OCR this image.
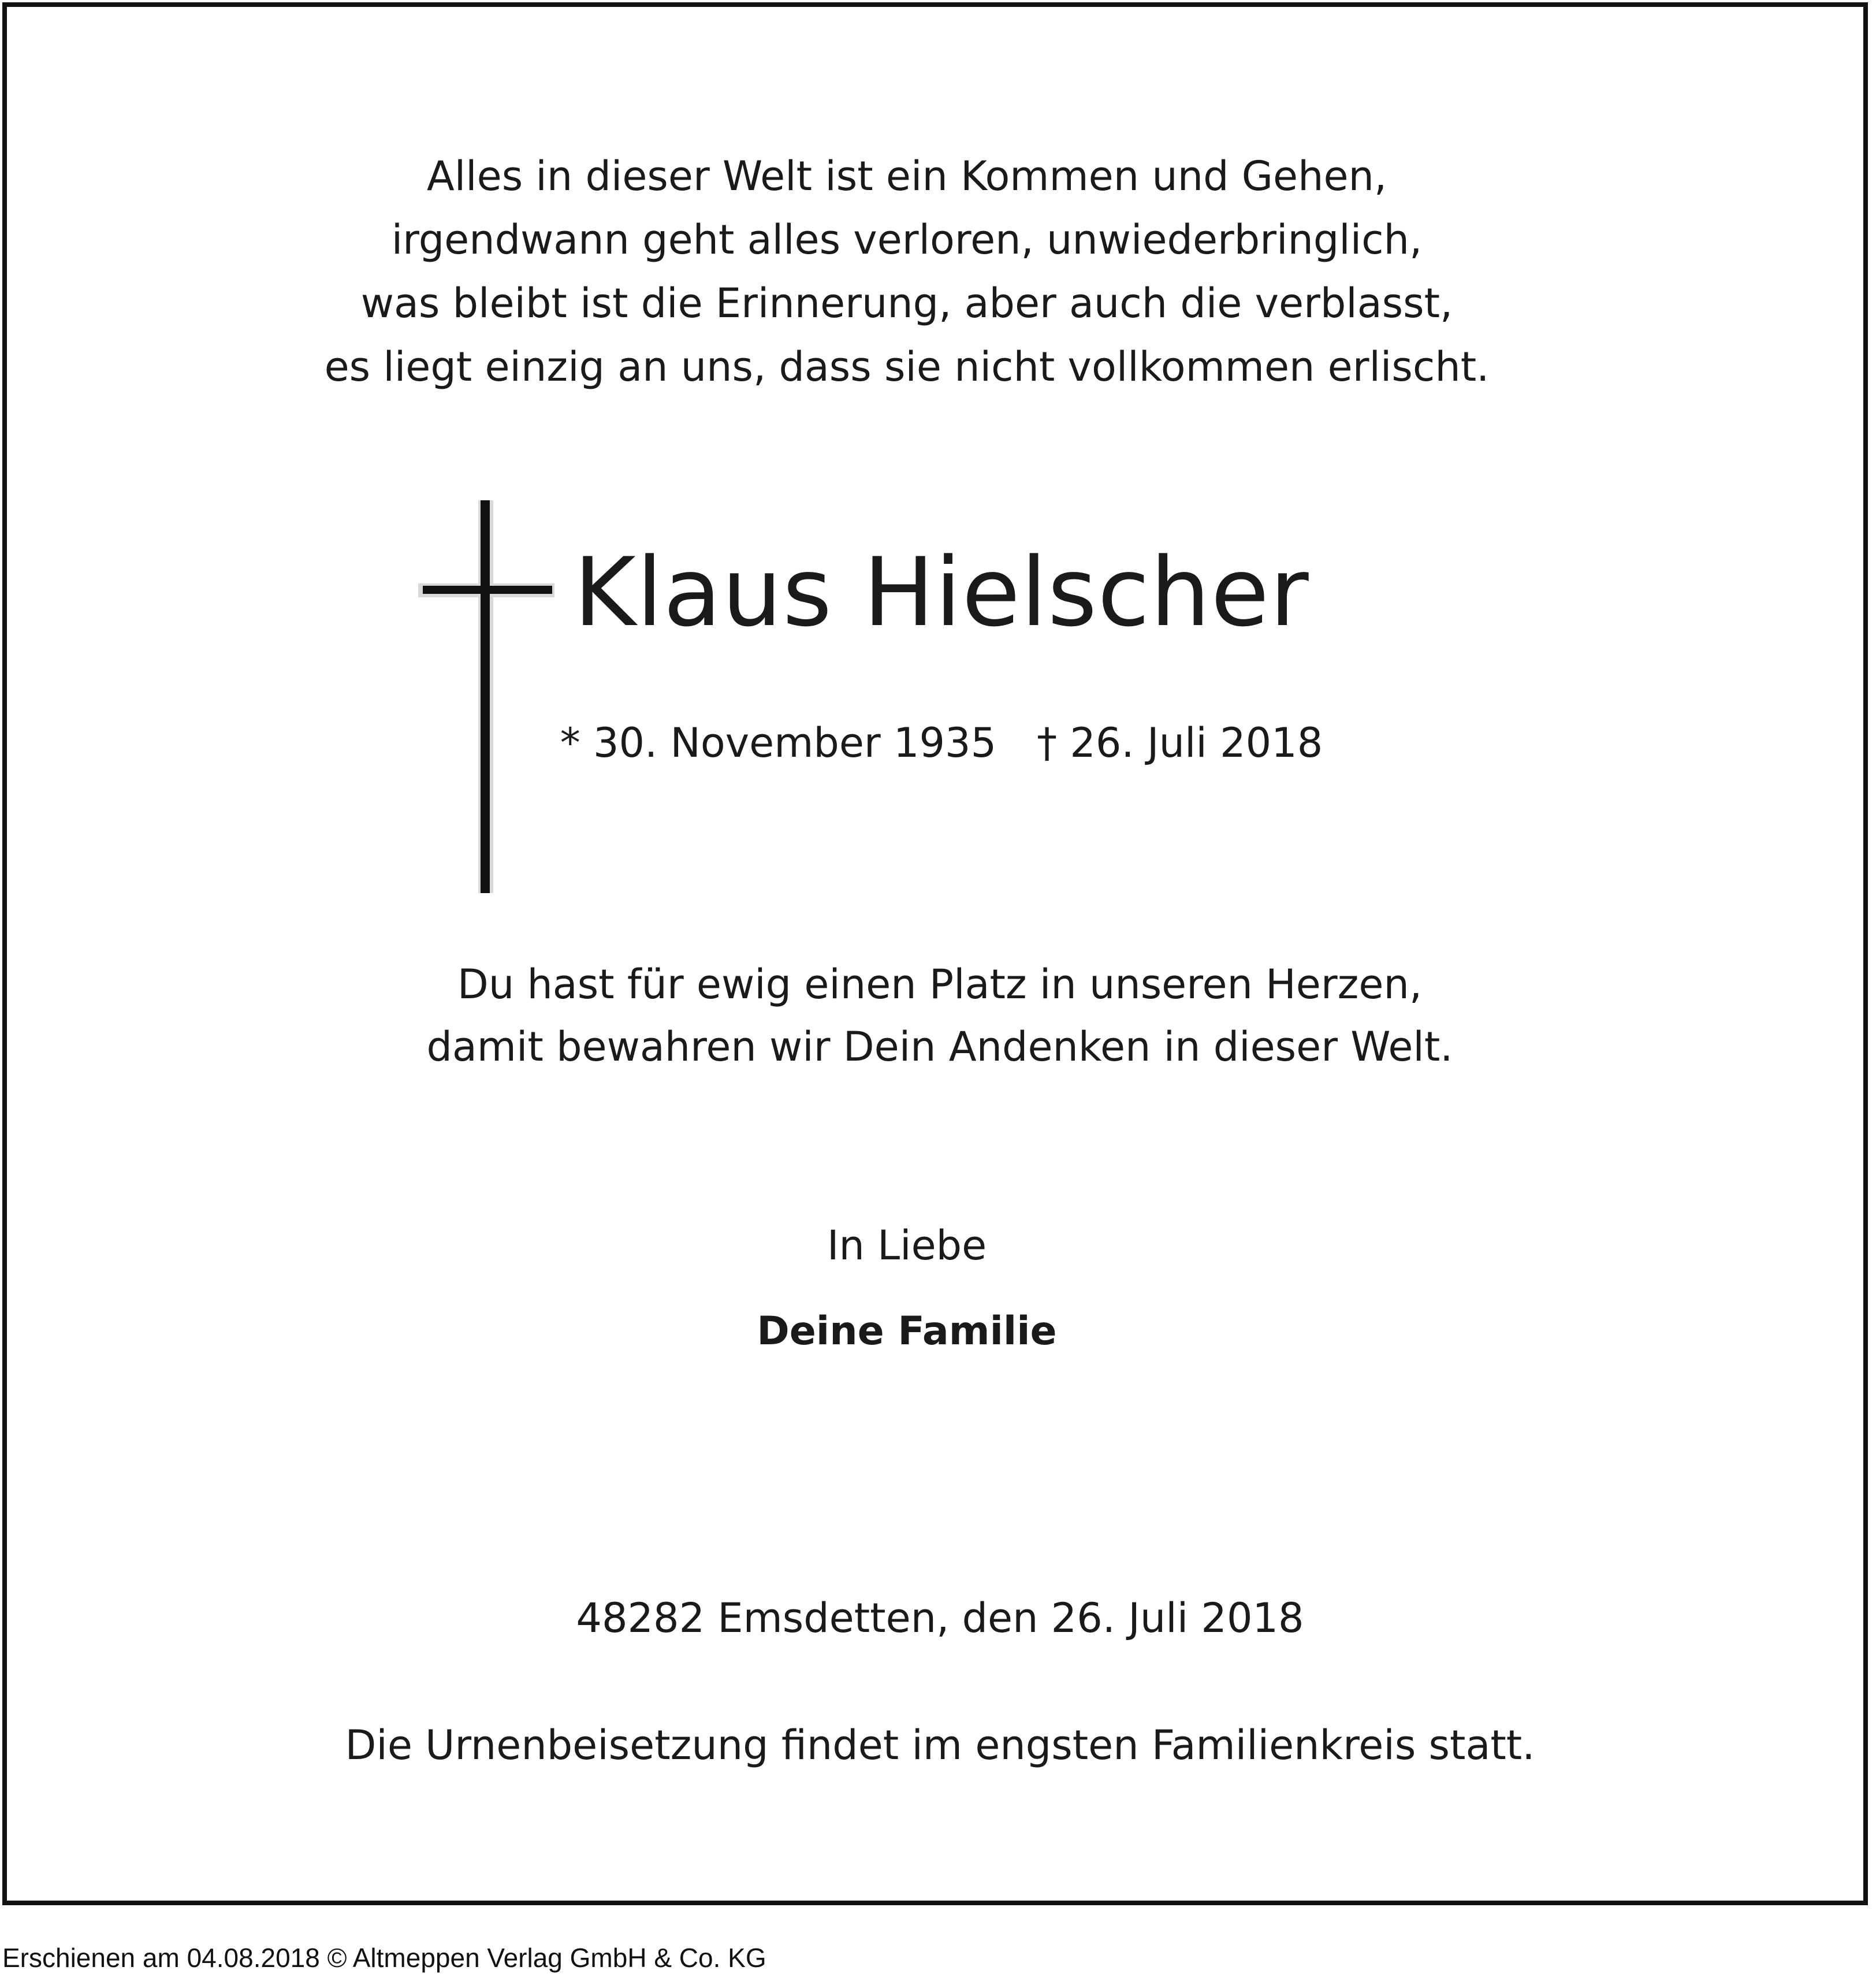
Alles in dieser Welt ist ein Kommen und Gehen,
irgendwann geht alles verloren, unwiederbringlich,
was bleibt ist die Erinnerung, aber auch die verblasst,
es liegt einzig an uns, dass sie nicht vollkommen erlischt.
Klaus Hielscher
* 30. November 1935 † 26. Juli 2018
Du hast für ewig einen Platz in unseren Herzen,
damit bewahren wir Dein Andenken in dieser Welt.
In Liebe
Deine Familie
48282 Emsdetten, den 26. Juli 2018
Die Urnenbeisetzung findet im engsten Familienkreis statt.
Erschienen am 04.08.2018 © Altmeppen Verlag GmbH & Co. KG
